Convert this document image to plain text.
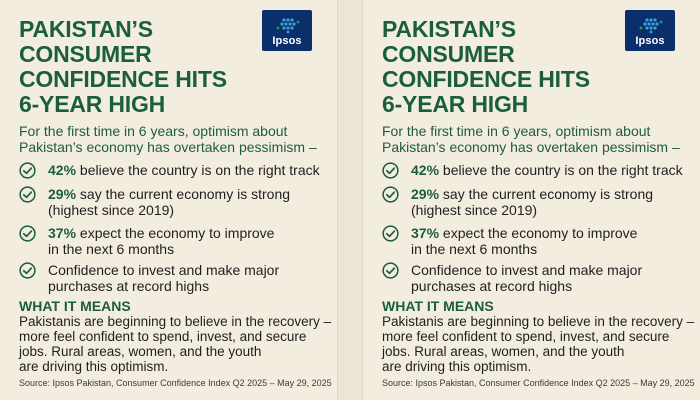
PAKISTAN’S
CONSUMER
CONFIDENCE HITS
6-YEAR HIGH
Ipsos
For the first time in 6 years, optimism about
Pakistan’s economy has overtaken pessimism –
42% believe the country is on the right track
29% say the current economy is strong
(highest since 2019)
37% expect the economy to improve
in the next 6 months
Confidence to invest and make major
purchases at record highs
WHAT IT MEANS
Pakistanis are beginning to believe in the recovery –
more feel confident to spend, invest, and secure
jobs. Rural areas, women, and the youth
are driving this optimism.
Source: Ipsos Pakistan, Consumer Confidence Index Q2 2025 – May 29, 2025
PAKISTAN’S
CONSUMER
CONFIDENCE HITS
6-YEAR HIGH
Ipsos
For the first time in 6 years, optimism about
Pakistan’s economy has overtaken pessimism –
42% believe the country is on the right track
29% say the current economy is strong
(highest since 2019)
37% expect the economy to improve
in the next 6 months
Confidence to invest and make major
purchases at record highs
WHAT IT MEANS
Pakistanis are beginning to believe in the recovery –
more feel confident to spend, invest, and secure
jobs. Rural areas, women, and the youth
are driving this optimism.
Source: Ipsos Pakistan, Consumer Confidence Index Q2 2025 – May 29, 2025
